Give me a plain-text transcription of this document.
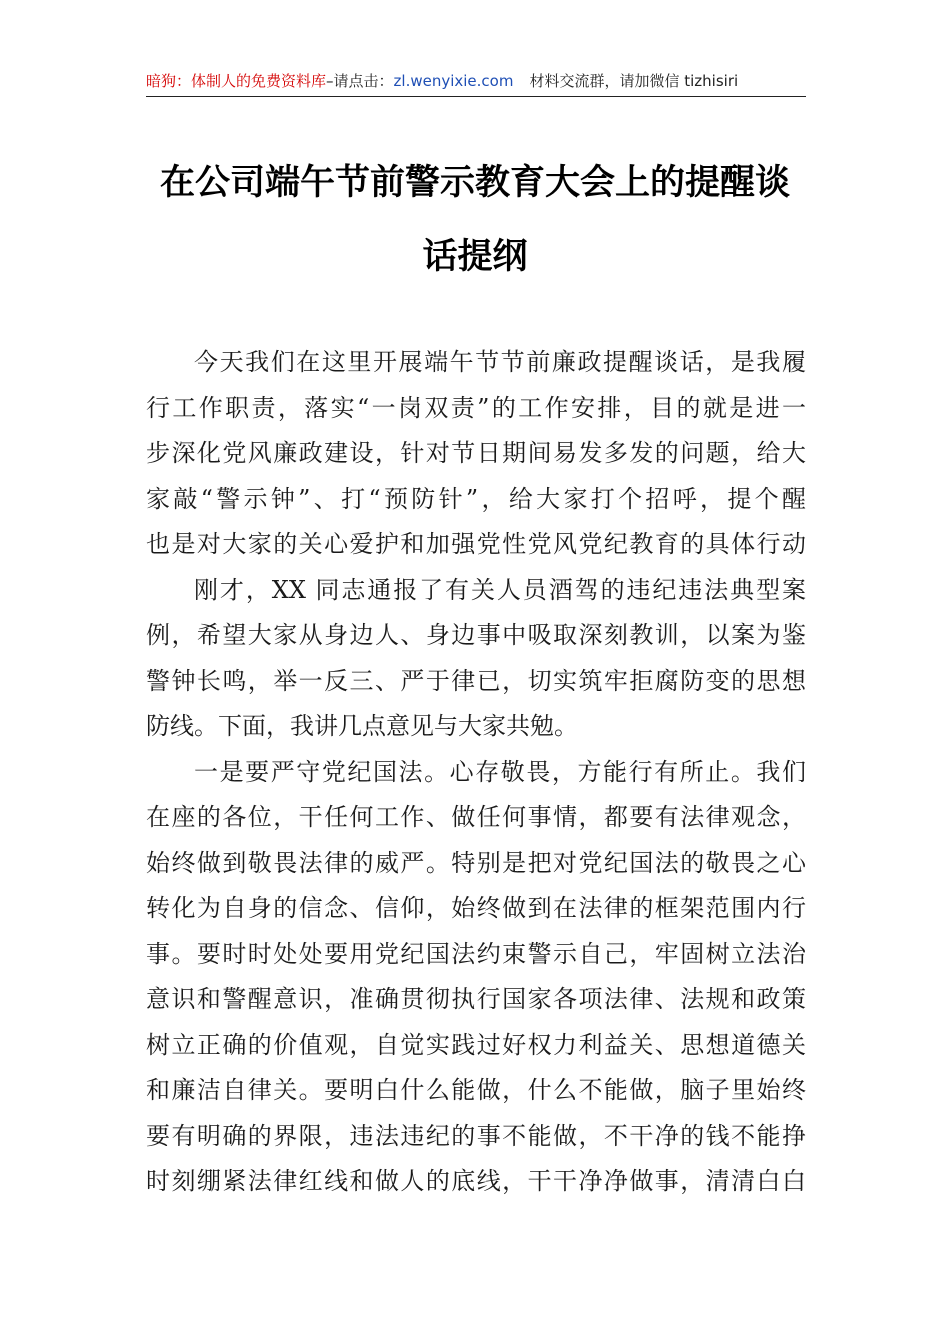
暗狗：体制人的免费资料库–请点击：zl.wenyixie.com 材料交流群，请加微信 tizhisiri
在公司端午节前警示教育大会上的提醒谈
话提纲
今天我们在这里开展端午节节前廉政提醒谈话，是我履
行工作职责，落实“一岗双责”的工作安排，目的就是进一
步深化党风廉政建设，针对节日期间易发多发的问题，给大
家敲“警示钟”、打“预防针”，给大家打个招呼，提个醒
也是对大家的关心爱护和加强党性党风党纪教育的具体行动
刚才，XX 同志通报了有关人员酒驾的违纪违法典型案
例，希望大家从身边人、身边事中吸取深刻教训，以案为鉴
警钟长鸣，举一反三、严于律已，切实筑牢拒腐防变的思想
防线。下面，我讲几点意见与大家共勉。
一是要严守党纪国法。心存敬畏，方能行有所止。我们
在座的各位，干任何工作、做任何事情，都要有法律观念，
始终做到敬畏法律的威严。特别是把对党纪国法的敬畏之心
转化为自身的信念、信仰，始终做到在法律的框架范围内行
事。要时时处处要用党纪国法约束警示自己，牢固树立法治
意识和警醒意识，准确贯彻执行国家各项法律、法规和政策
树立正确的价值观，自觉实践过好权力利益关、思想道德关
和廉洁自律关。要明白什么能做，什么不能做，脑子里始终
要有明确的界限，违法违纪的事不能做，不干净的钱不能挣
时刻绷紧法律红线和做人的底线，干干净净做事，清清白白
